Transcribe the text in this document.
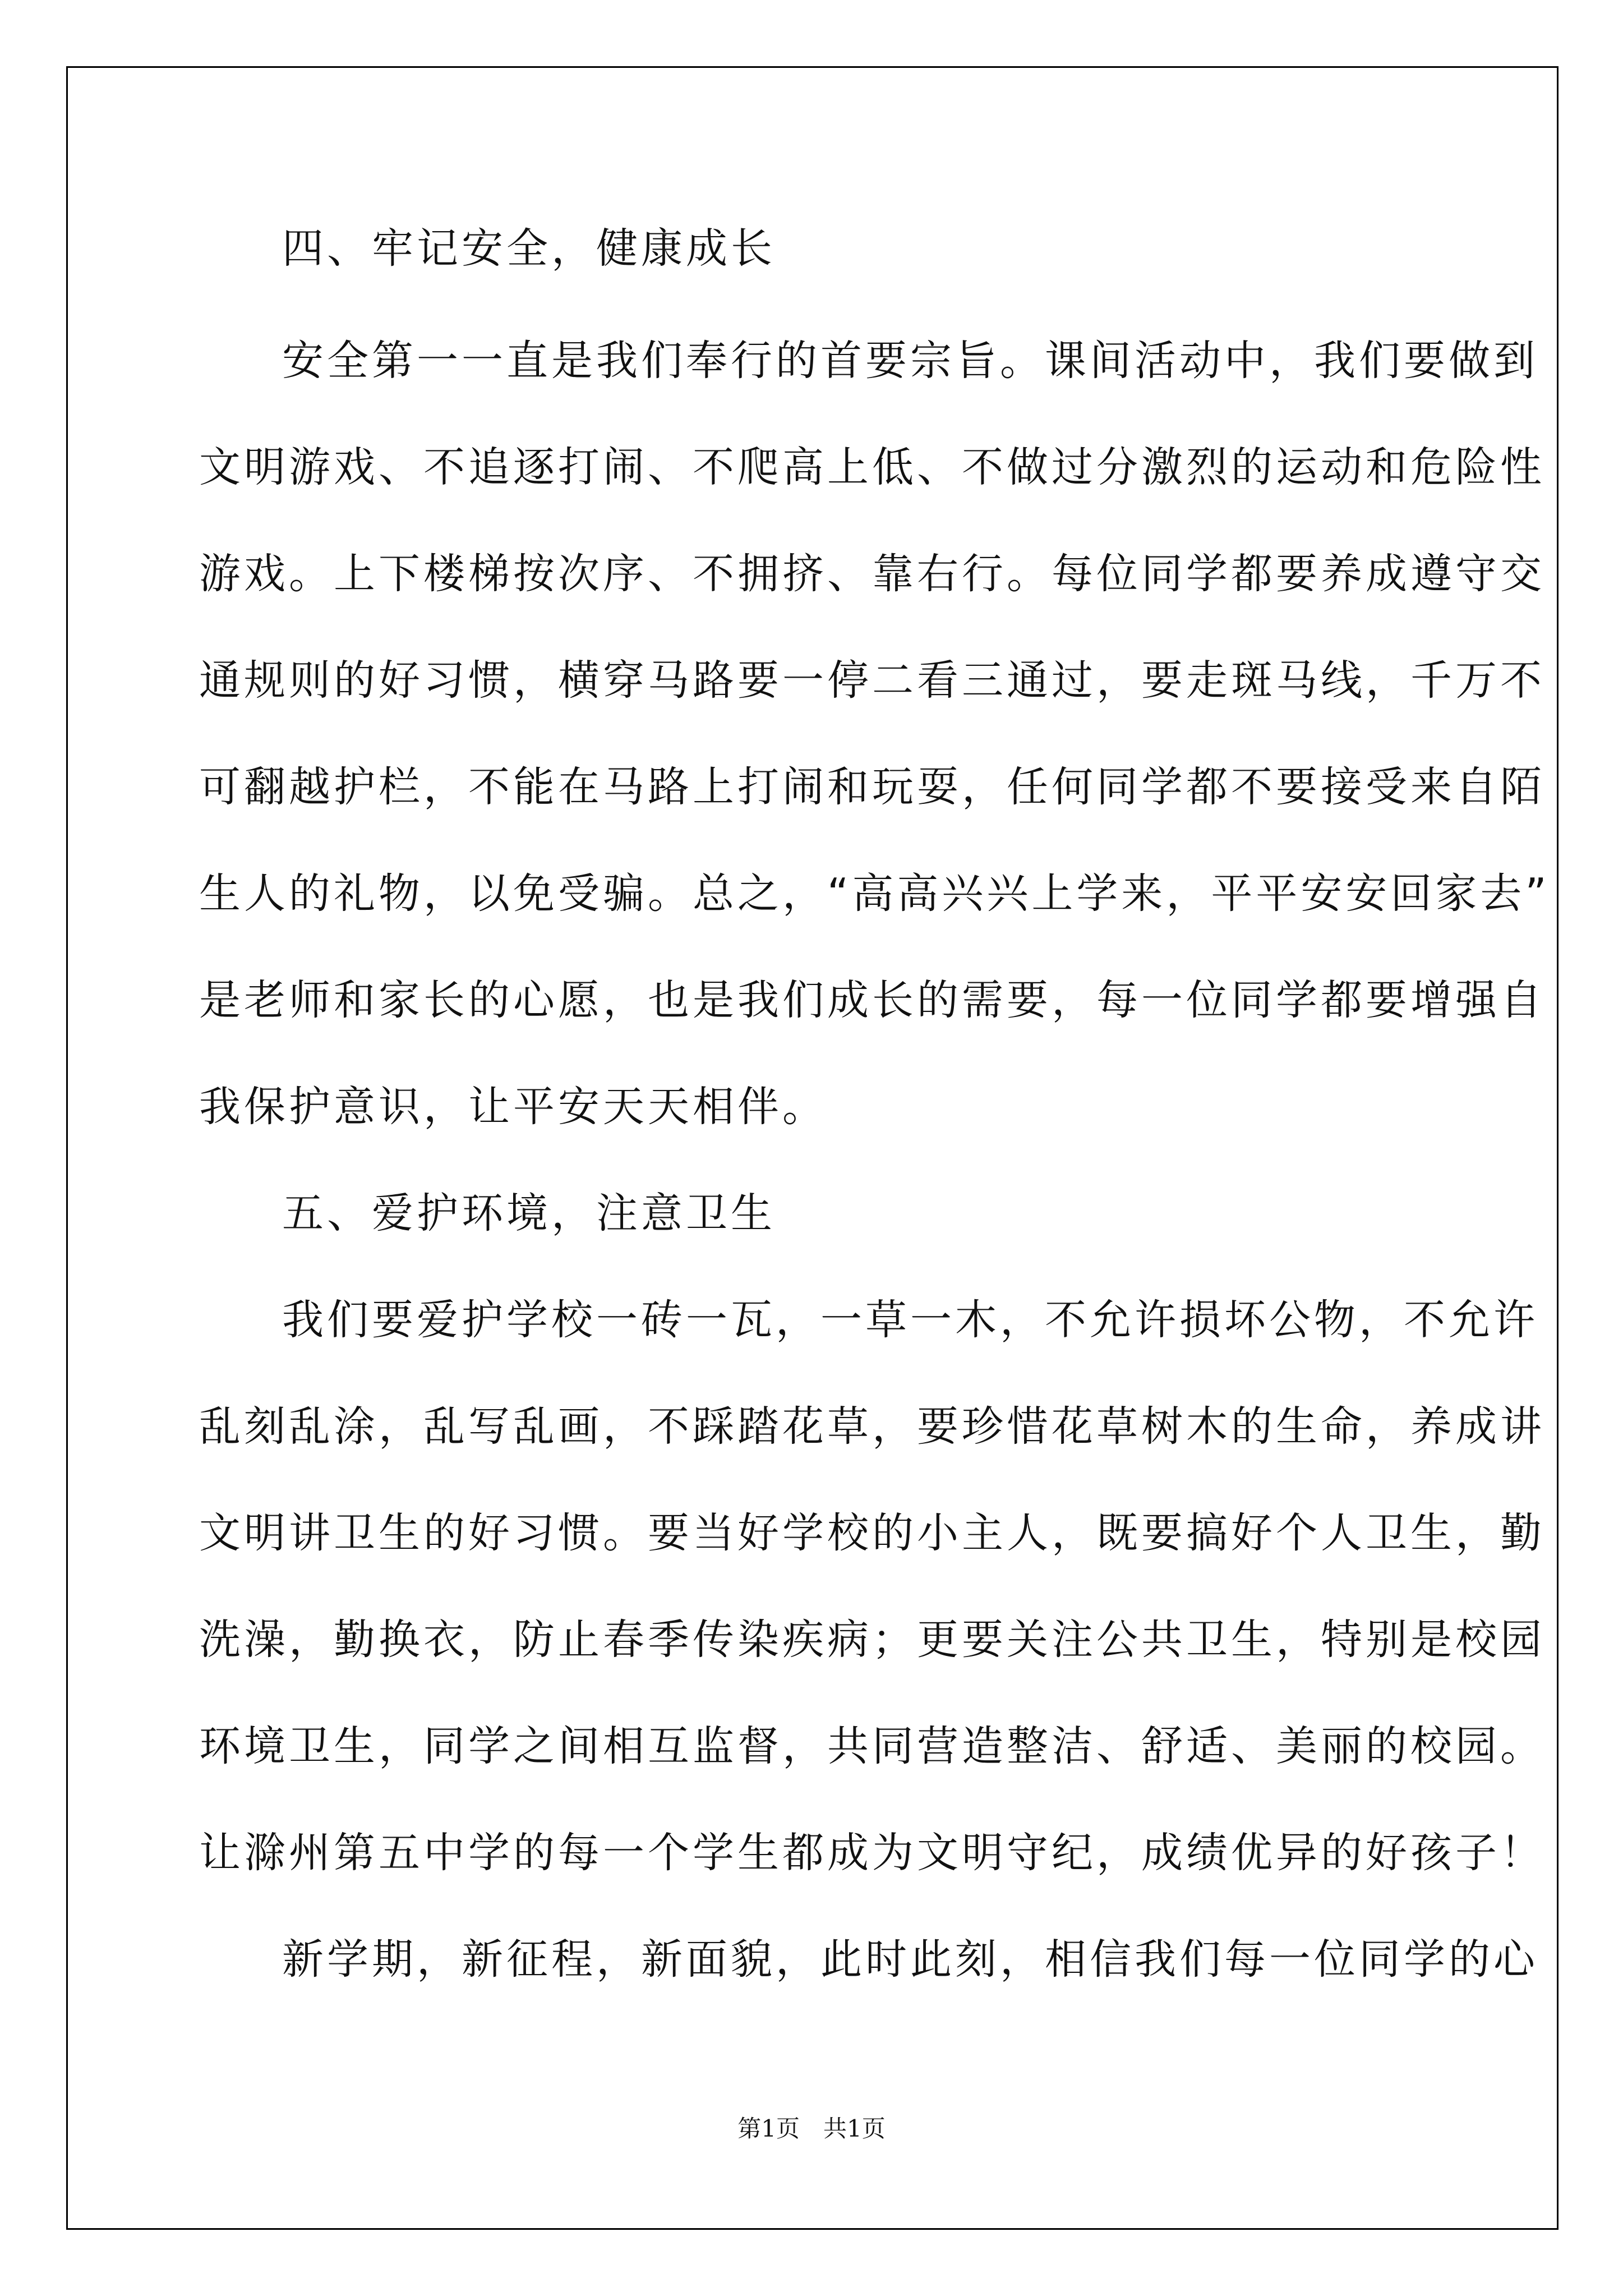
四、牢记安全，健康成长
安全第一一直是我们奉行的首要宗旨。课间活动中，我们要做到
文明游戏、不追逐打闹、不爬高上低、不做过分激烈的运动和危险性
游戏。上下楼梯按次序、不拥挤、靠右行。每位同学都要养成遵守交
通规则的好习惯，横穿马路要一停二看三通过，要走斑马线，千万不
可翻越护栏，不能在马路上打闹和玩耍，任何同学都不要接受来自陌
生人的礼物，以免受骗。总之，“高高兴兴上学来，平平安安回家去”
是老师和家长的心愿，也是我们成长的需要，每一位同学都要增强自
我保护意识，让平安天天相伴。
五、爱护环境，注意卫生
我们要爱护学校一砖一瓦，一草一木，不允许损坏公物，不允许
乱刻乱涂，乱写乱画，不踩踏花草，要珍惜花草树木的生命，养成讲
文明讲卫生的好习惯。要当好学校的小主人，既要搞好个人卫生，勤
洗澡，勤换衣，防止春季传染疾病；更要关注公共卫生，特别是校园
环境卫生，同学之间相互监督，共同营造整洁、舒适、美丽的校园。
让滁州第五中学的每一个学生都成为文明守纪，成绩优异的好孩子！
新学期，新征程，新面貌，此时此刻，相信我们每一位同学的心
第1页　共1页
